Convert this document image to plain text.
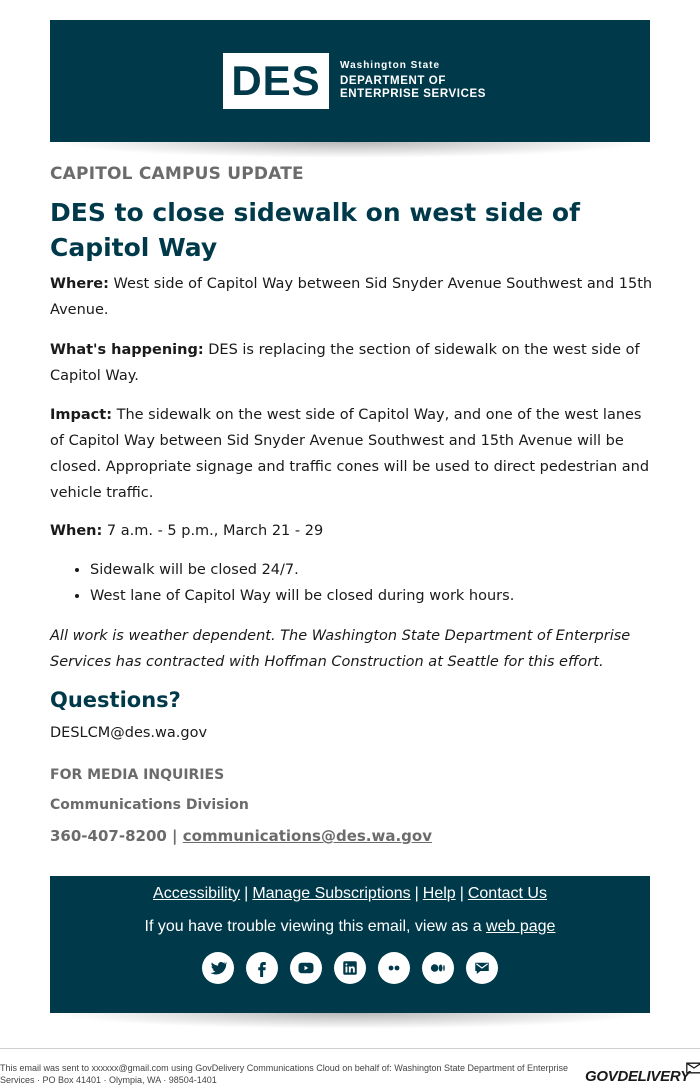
DES Washington State
DEPARTMENT OF
ENTERPRISE SERVICES
CAPITOL CAMPUS UPDATE
DES to close sidewalk on west side of Capitol Way

Where: West side of Capitol Way between Sid Snyder Avenue Southwest and 15th Avenue.

What's happening: DES is replacing the section of sidewalk on the west side of Capitol Way.

Impact: The sidewalk on the west side of Capitol Way, and one of the west lanes of Capitol Way between Sid Snyder Avenue Southwest and 15th Avenue will be closed. Appropriate signage and traffic cones will be used to direct pedestrian and vehicle traffic.

When: 7 a.m. - 5 p.m., March 21 - 29

• Sidewalk will be closed 24/7.
• West lane of Capitol Way will be closed during work hours.

All work is weather dependent. The Washington State Department of Enterprise Services has contracted with Hoffman Construction at Seattle for this effort.

Questions?
DESLCM@des.wa.gov
FOR MEDIA INQUIRIES
Communications Division
360-407-8200 | communications@des.wa.gov
Accessibility | Manage Subscriptions | Help | Contact Us
If you have trouble viewing this email, view as a web page
This email was sent to xxxxxx@gmail.com using GovDelivery Communications Cloud on behalf of: Washington State Department of Enterprise Services · PO Box 41401 · Olympia, WA · 98504-1401	GOVDELIVERY
